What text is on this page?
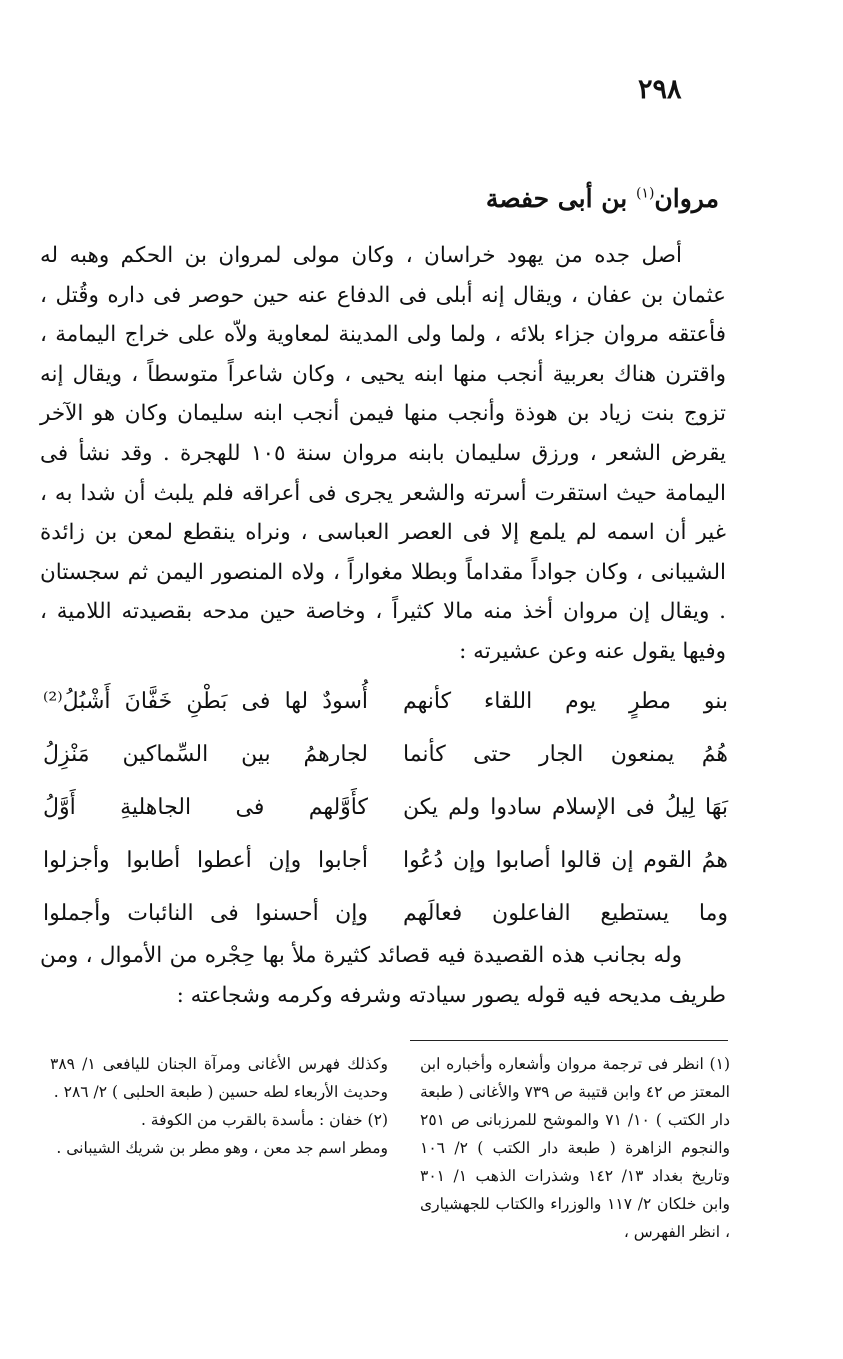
٢٩٨
مروان$^{(١)}$ بن أبى حفصة

أصل جده من يهود خراسان ، وكان مولى لمروان بن الحكم وهبه له عثمان بن عفان ، ويقال إنه أبلى فى الدفاع عنه حين حوصر فى داره وقُتل ، فأعتقه مروان جزاء بلائه ، ولما ولى المدينة لمعاوية ولاّه على خراج اليمامة ، واقترن هناك بعربية أنجب منها ابنه يحيى ، وكان شاعراً متوسطاً ، ويقال إنه تزوج بنت زياد بن هوذة وأنجب منها فيمن أنجب ابنه سليمان وكان هو الآخر يقرض الشعر ، ورزق سليمان بابنه مروان سنة ١٠٥ للهجرة . وقد نشأ فى اليمامة حيث استقرت أسرته والشعر يجرى فى أعراقه فلم يلبث أن شدا به ، غير أن اسمه لم يلمع إلا فى العصر العباسى ، ونراه ينقطع لمعن بن زائدة الشيبانى ، وكان جواداً مقداماً وبطلا مغواراً ، ولاه المنصور اليمن ثم سجستان . ويقال إن مروان أخذ منه مالا كثيراً ، وخاصة حين مدحه بقصيدته اللامية ، وفيها يقول عنه وعن عشيرته :

بنو مطرٍ يوم اللقاء كأنهم
أُسودٌ لها فى بَطْنِ خَفَّانَ أَشْبُلُ⁽²⁾
هُمُ يمنعون الجار حتى كأنما
لجارهمُ بين السِّماكين مَنْزِلُ
بَهَا لِيلُ فى الإسلام سادوا ولم يكن
كأَوَّلهم فى الجاهليةِ أَوَّلُ
همُ القوم إن قالوا أصابوا وإن دُعُوا
أجابوا وإن أعطوا أطابوا وأجزلوا
وما يستطيع الفاعلون فعالَهم
وإن أحسنوا فى النائبات وأجملوا

وله بجانب هذه القصيدة فيه قصائد كثيرة ملأ بها حِجْره من الأموال ، ومن طريف مديحه فيه قوله يصور سيادته وشرفه وكرمه وشجاعته :

(١) انظر فى ترجمة مروان وأشعاره وأخباره ابن المعتز ص ٤٢ وابن قتيبة ص ٧٣٩ والأغانى ( طبعة دار الكتب ) ١٠/ ٧١ والموشح للمرزبانى ص ٢٥١ والنجوم الزاهرة ( طبعة دار الكتب ) ٢/ ١٠٦ وتاريخ بغداد ١٣/ ١٤٢ وشذرات الذهب ١/ ٣٠١ وابن خلكان ٢/ ١١٧ والوزراء والكتاب للجهشيارى ، انظر الفهرس ،

وكذلك فهرس الأغانى ومرآة الجنان لليافعى ١/ ٣٨٩ وحديث الأربعاء لطه حسين ( طبعة الحلبى ) ٢/ ٢٨٦ .

(٢) خفان : مأسدة بالقرب من الكوفة .

ومطر اسم جد معن ، وهو مطر بن شريك الشيبانى .
